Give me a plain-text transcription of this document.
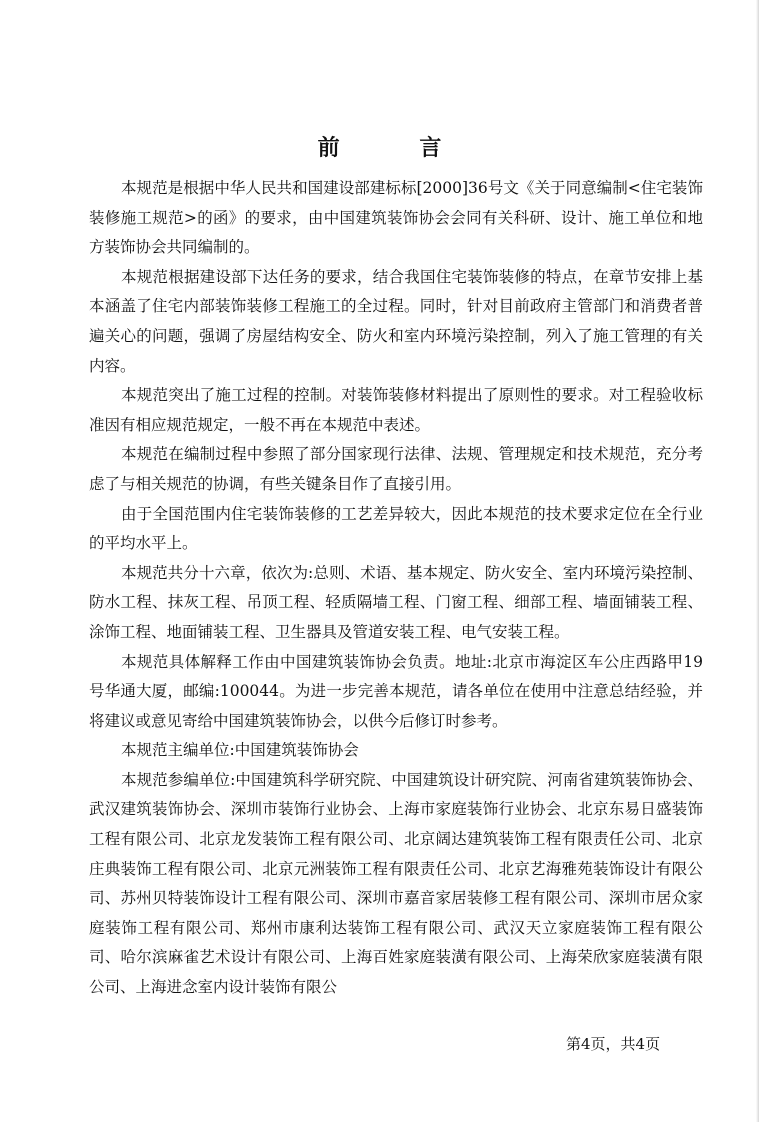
前 言

本规范是根据中华人民共和国建设部建标标[2000]36号文《关于同意编制<住宅装饰装修施工规范>的函》的要求，由中国建筑装饰协会会同有关科研、设计、施工单位和地方装饰协会共同编制的。

本规范根据建设部下达任务的要求，结合我国住宅装饰装修的特点，在章节安排上基本涵盖了住宅内部装饰装修工程施工的全过程。同时，针对目前政府主管部门和消费者普遍关心的问题，强调了房屋结构安全、防火和室内环境污染控制，列入了施工管理的有关内容。

本规范突出了施工过程的控制。对装饰装修材料提出了原则性的要求。对工程验收标准因有相应规范规定，一般不再在本规范中表述。

本规范在编制过程中参照了部分国家现行法律、法规、管理规定和技术规范，充分考虑了与相关规范的协调，有些关键条目作了直接引用。

由于全国范围内住宅装饰装修的工艺差异较大，因此本规范的技术要求定位在全行业的平均水平上。

本规范共分十六章，依次为:总则、术语、基本规定、防火安全、室内环境污染控制、防水工程、抹灰工程、吊顶工程、轻质隔墙工程、门窗工程、细部工程、墙面铺装工程、涂饰工程、地面铺装工程、卫生器具及管道安装工程、电气安装工程。

本规范具体解释工作由中国建筑装饰协会负责。地址:北京市海淀区车公庄西路甲19号华通大厦，邮编:100044。为进一步完善本规范，请各单位在使用中注意总结经验，并将建议或意见寄给中国建筑装饰协会，以供今后修订时参考。

本规范主编单位:中国建筑装饰协会

本规范参编单位:中国建筑科学研究院、中国建筑设计研究院、河南省建筑装饰协会、武汉建筑装饰协会、深圳市装饰行业协会、上海市家庭装饰行业协会、北京东易日盛装饰工程有限公司、北京龙发装饰工程有限公司、北京阔达建筑装饰工程有限责任公司、北京庄典装饰工程有限公司、北京元洲装饰工程有限责任公司、北京艺海雅苑装饰设计有限公司、苏州贝特装饰设计工程有限公司、深圳市嘉音家居装修工程有限公司、深圳市居众家庭装饰工程有限公司、郑州市康利达装饰工程有限公司、武汉天立家庭装饰工程有限公司、哈尔滨麻雀艺术设计有限公司、上海百姓家庭装潢有限公司、上海荣欣家庭装潢有限公司、上海进念室内设计装饰有限公

第4页，共4页
